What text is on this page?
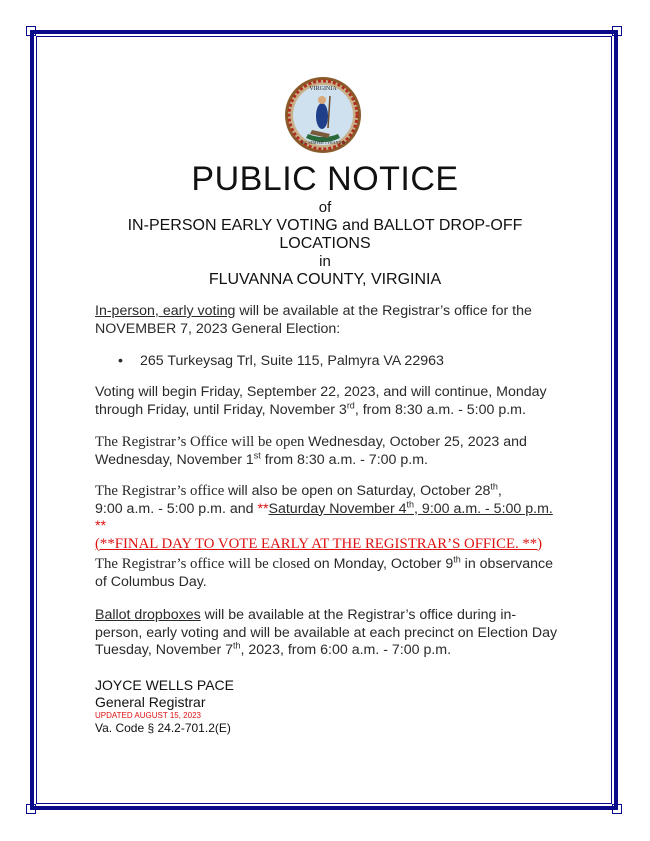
VIRGINIA
SIC SEMPER TYRANNIS
PUBLIC NOTICE
of
IN-PERSON EARLY VOTING and BALLOT DROP-OFF
LOCATIONS
in
FLUVANNA COUNTY, VIRGINIA
In-person, early voting will be available at the Registrar’s office for the
NOVEMBER 7, 2023 General Election:
• 265 Turkeysag Trl, Suite 115, Palmyra VA 22963
Voting will begin Friday, September 22, 2023, and will continue, Monday
through Friday, until Friday, November 3rd, from 8:30 a.m. - 5:00 p.m.
The Registrar’s Office will be open Wednesday, October 25, 2023 and
Wednesday, November 1st from 8:30 a.m. - 7:00 p.m.
The Registrar’s office will also be open on Saturday, October 28th,
9:00 a.m. - 5:00 p.m. and **Saturday November 4th, 9:00 a.m. - 5:00 p.m. **
(**FINAL DAY TO VOTE EARLY AT THE REGISTRAR’S OFFICE. **)
The Registrar’s office will be closed on Monday, October 9th in observance
of Columbus Day.
Ballot dropboxes will be available at the Registrar’s office during in-
person, early voting and will be available at each precinct on Election Day
Tuesday, November 7th, 2023, from 6:00 a.m. - 7:00 p.m.
JOYCE WELLS PACE
General Registrar
UPDATED AUGUST 15, 2023
Va. Code § 24.2-701.2(E)
